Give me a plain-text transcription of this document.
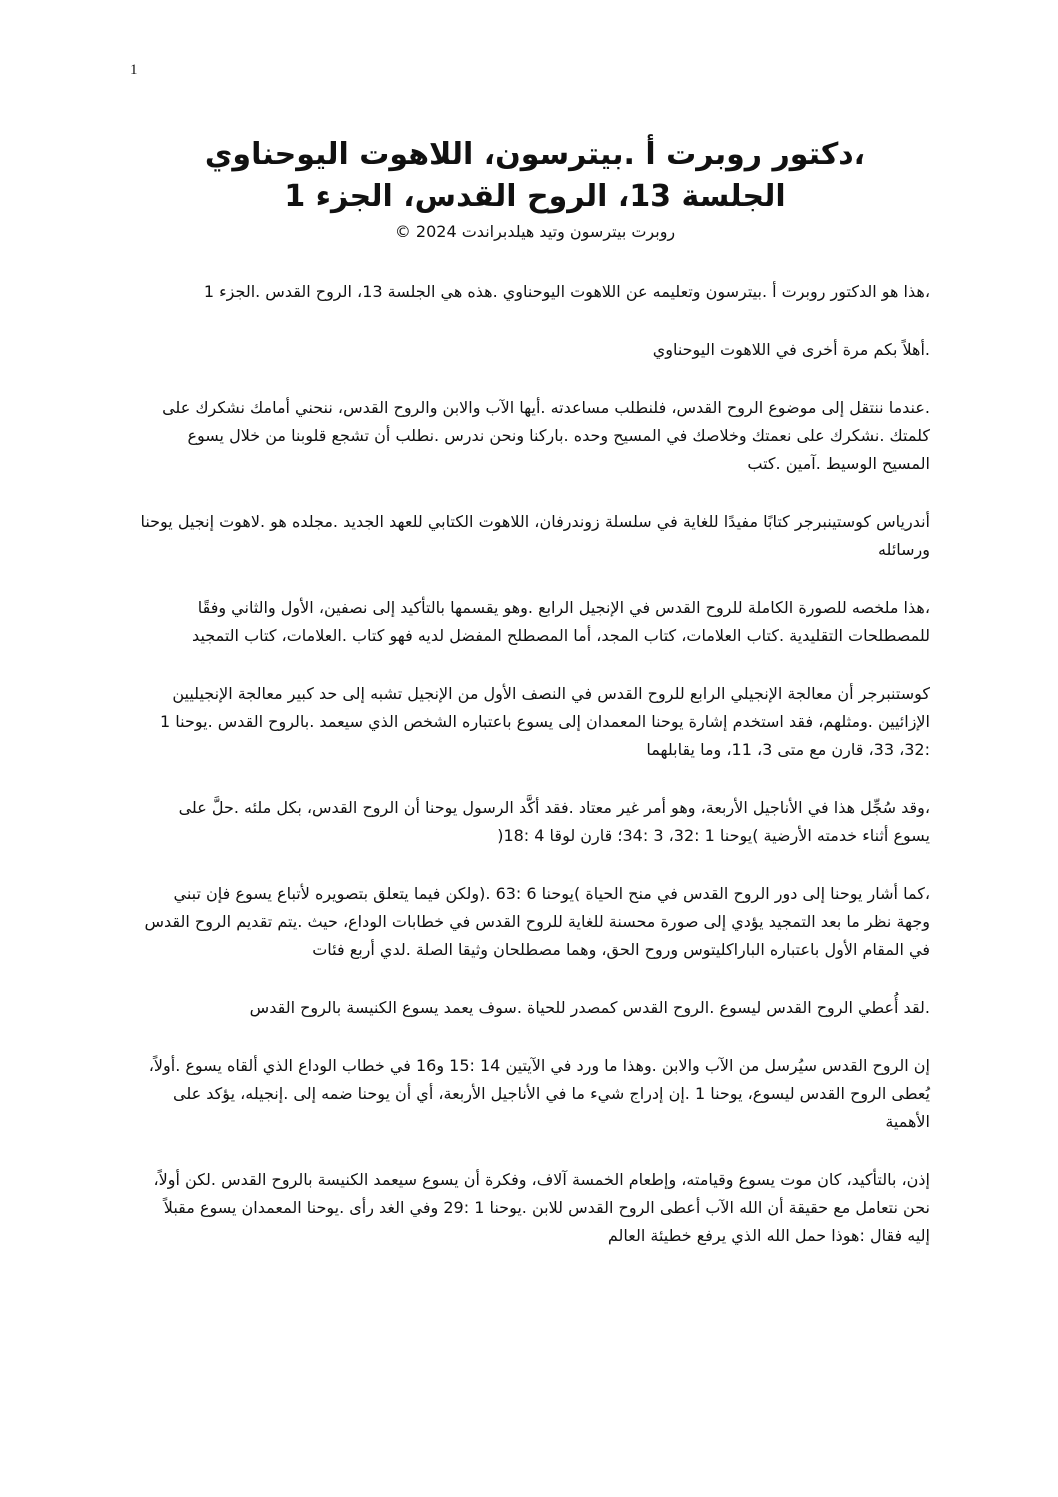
1

،دكتور روبرت أ .بيترسون، اللاهوت اليوحناوي

الجلسة 13، الروح القدس، الجزء 1

روبرت بيترسون وتيد هيلدبراندت 2024 ©

،هذا هو الدكتور روبرت أ .بيترسون وتعليمه عن اللاهوت اليوحناوي .هذه هي الجلسة 13، الروح القدس .الجزء 1

.أهلاً بكم مرة أخرى في اللاهوت اليوحناوي

.عندما ننتقل إلى موضوع الروح القدس، فلنطلب مساعدته .أيها الآب والابن والروح القدس، ننحني أمامك نشكرك على كلمتك .نشكرك على نعمتك وخلاصك في المسيح وحده .باركنا ونحن ندرس .نطلب أن تشجع قلوبنا من خلال يسوع المسيح الوسيط .آمين .كتب

أندرياس كوستينبرجر كتابًا مفيدًا للغاية في سلسلة زوندرفان، اللاهوت الكتابي للعهد الجديد .مجلده هو .لاهوت إنجيل يوحنا ورسائله

،هذا ملخصه للصورة الكاملة للروح القدس في الإنجيل الرابع .وهو يقسمها بالتأكيد إلى نصفين، الأول والثاني وفقًا للمصطلحات التقليدية .كتاب العلامات، كتاب المجد، أما المصطلح المفضل لديه فهو كتاب .العلامات، كتاب التمجيد

كوستنبرجر أن معالجة الإنجيلي الرابع للروح القدس في النصف الأول من الإنجيل تشبه إلى حد كبير معالجة الإنجيليين الإزائيين .ومثلهم، فقد استخدم إشارة يوحنا المعمدان إلى يسوع باعتباره الشخص الذي سيعمد .بالروح القدس .يوحنا 1 :32، 33، قارن مع متى 3، 11، وما يقابلهما

،وقد سُجِّل هذا في الأناجيل الأربعة، وهو أمر غير معتاد .فقد أكَّد الرسول يوحنا أن الروح القدس، بكل ملئه .حلَّ على يسوع أثناء خدمته الأرضية )يوحنا 1 :32، 3 :34؛ قارن لوقا 4 :18(

،كما أشار يوحنا إلى دور الروح القدس في منح الحياة )يوحنا 6 :63 .(ولكن فيما يتعلق بتصويره لأتباع يسوع فإن تبني وجهة نظر ما بعد التمجيد يؤدي إلى صورة محسنة للغاية للروح القدس في خطابات الوداع، حيث .يتم تقديم الروح القدس في المقام الأول باعتباره الباراكليتوس وروح الحق، وهما مصطلحان وثيقا الصلة .لدي أربع فئات

.لقد أُعطي الروح القدس ليسوع .الروح القدس كمصدر للحياة .سوف يعمد يسوع الكنيسة بالروح القدس

إن الروح القدس سيُرسل من الآب والابن .وهذا ما ورد في الآيتين 14 :15 و16 في خطاب الوداع الذي ألقاه يسوع .أولاً، يُعطى الروح القدس ليسوع، يوحنا 1 .إن إدراج شيء ما في الأناجيل الأربعة، أي أن يوحنا ضمه إلى .إنجيله، يؤكد على الأهمية

إذن، بالتأكيد، كان موت يسوع وقيامته، وإطعام الخمسة آلاف، وفكرة أن يسوع سيعمد الكنيسة بالروح القدس .لكن أولاً، نحن نتعامل مع حقيقة أن الله الآب أعطى الروح القدس للابن .يوحنا 1 :29 وفي الغد رأى .يوحنا المعمدان يسوع مقبلاً إليه فقال :هوذا حمل الله الذي يرفع خطيئة العالم
